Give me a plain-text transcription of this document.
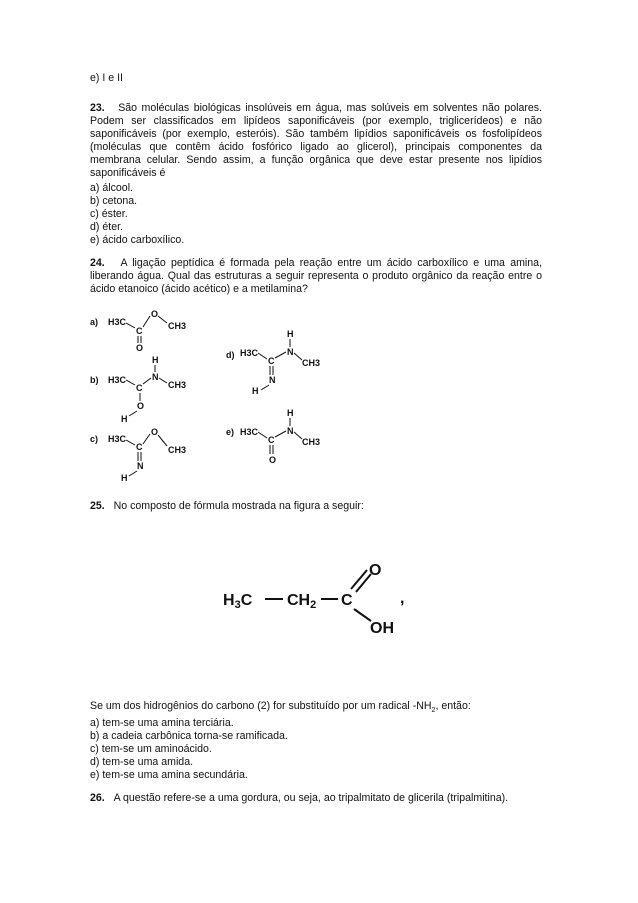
e) I e II
23. São moléculas biológicas insolúveis em água, mas solúveis em solventes não polares.
Podem ser classificados em lipídeos saponificáveis (por exemplo, triglicerídeos) e não
saponificáveis (por exemplo, esteróis). São também lipídios saponificáveis os fosfolipídeos
(moléculas que contêm ácido fosfórico ligado ao glicerol), principais componentes da
membrana celular. Sendo assim, a função orgânica que deve estar presente nos lipídios
saponificáveis é
a) álcool.
b) cetona.
c) éster.
d) éter.
e) ácido carboxílico.
24. A ligação peptídica é formada pela reação entre um ácido carboxílico e uma amina,
liberando água. Qual das estruturas a seguir representa o produto orgânico da reação entre o
ácido etanoico (ácido acético) e a metilamina?
a) H3C
C
O
CH3
O
b) H3C
C
H
N
CH3
O
H
c) H3C
C
O
CH3
N
H
d) H3C
C
H
N
CH3
N
H
e) H3C
C
H
N
CH3
O
25. No composto de fórmula mostrada na figura a seguir:
H3C CH2 C
O
OH
,
Se um dos hidrogênios do carbono (2) for substituído por um radical $-NH_2$, então:
a) tem-se uma amina terciária.
b) a cadeia carbônica torna-se ramificada.
c) tem-se um aminoácido.
d) tem-se uma amida.
e) tem-se uma amina secundária.
26. A questão refere-se a uma gordura, ou seja, ao tripalmitato de glicerila (tripalmitina).
